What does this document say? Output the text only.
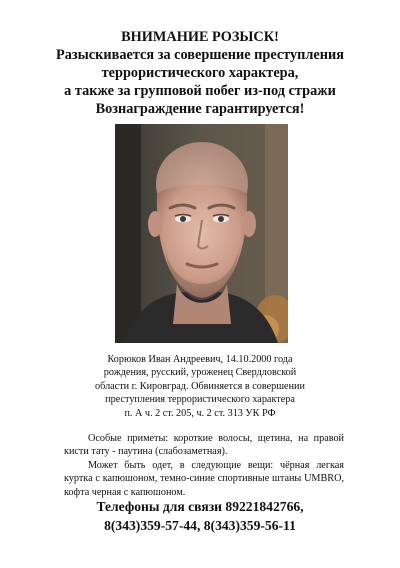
ВНИМАНИЕ РОЗЫСК!
Разыскивается за совершение преступления
террористического характера,
а также за групповой побег из-под стражи
Вознаграждение гарантируется!
Корюков Иван Андреевич, 14.10.2000 года
рождения, русский, уроженец Свердловской
области г. Кировград. Обвиняется в совершении
преступления террористического характера
п. А ч. 2 ст. 205, ч. 2 ст. 313 УК РФ
Особые приметы: короткие волосы, щетина, на правой кисти тату - паутина (слабозаметная).
Может быть одет, в следующие вещи: чёрная легкая куртка с капюшоном, темно-синие спортивные штаны UMBRO, кофта черная с капюшоном.
Телефоны для связи 89221842766,
8(343)359-57-44, 8(343)359-56-11
